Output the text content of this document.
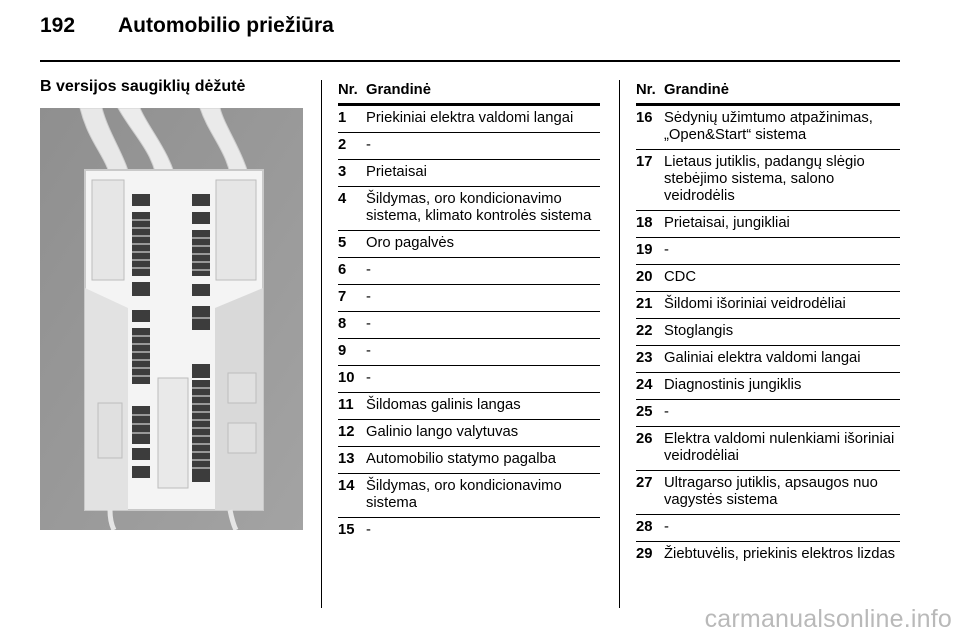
192 Automobilio priežiūra
B versijos saugiklių dėžutė	Nr. Grandinė
1	Priekiniai elektra valdomi langai
2	-
3	Prietaisai
4	Šildymas, oro kondicionavimo sistema, klimato kontrolės sistema
5	Oro pagalvės
6	-
7	-
8	-
9	-
10 -
11 Šildomas galinis langas
12 Galinio lango valytuvas
13 Automobilio statymo pagalba
14 Šildymas, oro kondicionavimo sistema
15 -
Nr. Grandinė
16 Sėdynių užimtumo atpažinimas, „Open&Start“ sistema
17 Lietaus jutiklis, padangų slėgio stebėjimo sistema, salono veidrodėlis
18 Prietaisai, jungikliai
19 -
20 CDC
21 Šildomi išoriniai veidrodėliai
22 Stoglangis
23 Galiniai elektra valdomi langai
24 Diagnostinis jungiklis
25 -
26 Elektra valdomi nulenkiami išoriniai veidrodėliai
27 Ultragarso jutiklis, apsaugos nuo vagystės sistema
28 -
29 Žiebtuvėlis, priekinis elektros lizdas
carmanualsonline.info
